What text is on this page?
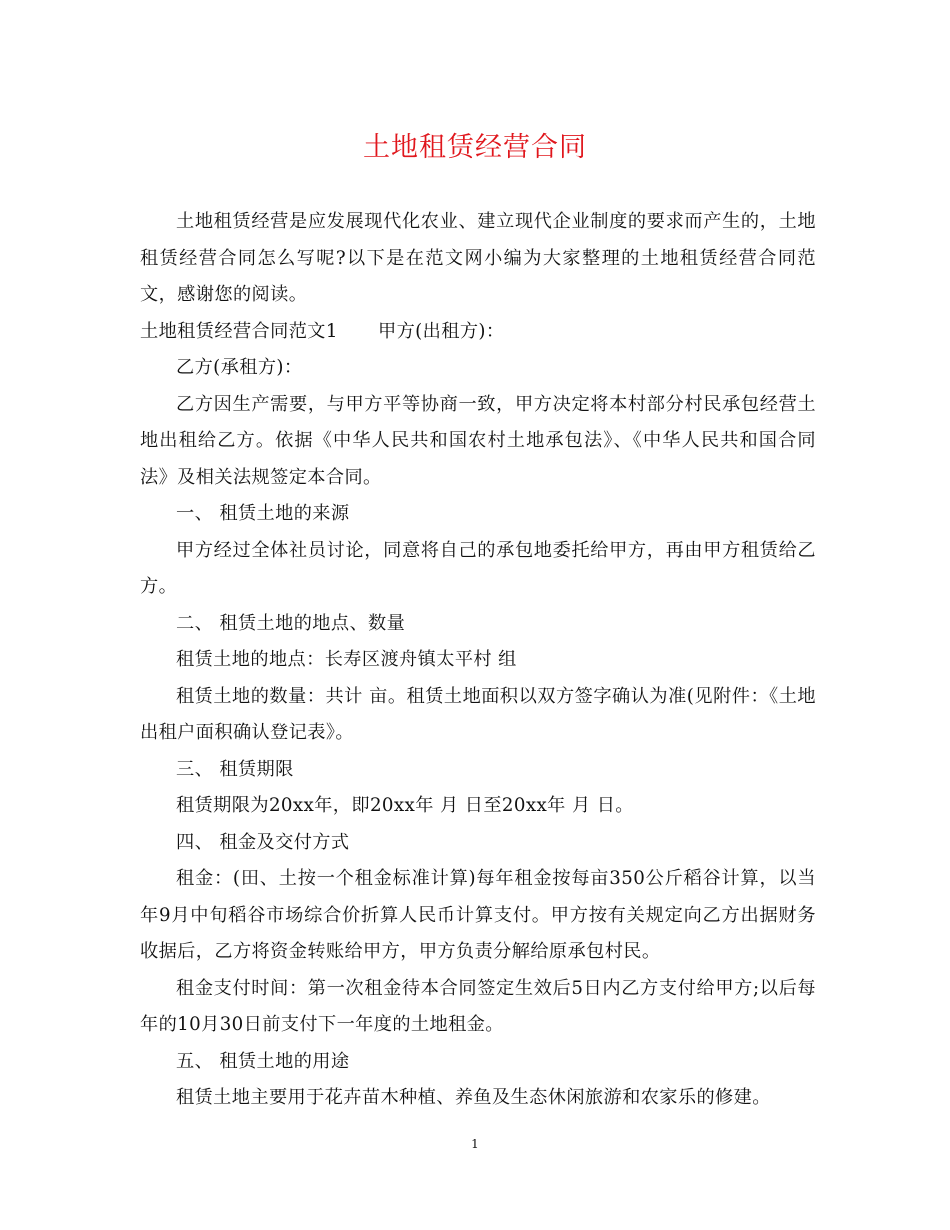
土地租赁经营合同

土地租赁经营是应发展现代化农业、建立现代企业制度的要求而产生的，土地租赁经营合同怎么写呢?以下是在范文网小编为大家整理的土地租赁经营合同范文，感谢您的阅读。

土地租赁经营合同范文1	甲方(出租方)：

乙方(承租方)：

乙方因生产需要，与甲方平等协商一致，甲方决定将本村部分村民承包经营土地出租给乙方。依据《中华人民共和国农村土地承包法》、《中华人民共和国合同法》及相关法规签定本合同。

一、 租赁土地的来源

甲方经过全体社员讨论，同意将自己的承包地委托给甲方，再由甲方租赁给乙方。

二、 租赁土地的地点、数量

租赁土地的地点：长寿区渡舟镇太平村 组

租赁土地的数量：共计 亩。租赁土地面积以双方签字确认为准(见附件：《土地出租户面积确认登记表》。

三、 租赁期限

租赁期限为20xx年，即20xx年 月 日至20xx年 月 日。

四、 租金及交付方式

租金：(田、土按一个租金标准计算)每年租金按每亩350公斤稻谷计算，以当年9月中旬稻谷市场综合价折算人民币计算支付。甲方按有关规定向乙方出据财务收据后，乙方将资金转账给甲方，甲方负责分解给原承包村民。

租金支付时间：第一次租金待本合同签定生效后5日内乙方支付给甲方;以后每年的10月30日前支付下一年度的土地租金。

五、 租赁土地的用途

租赁土地主要用于花卉苗木种植、养鱼及生态休闲旅游和农家乐的修建。

1
